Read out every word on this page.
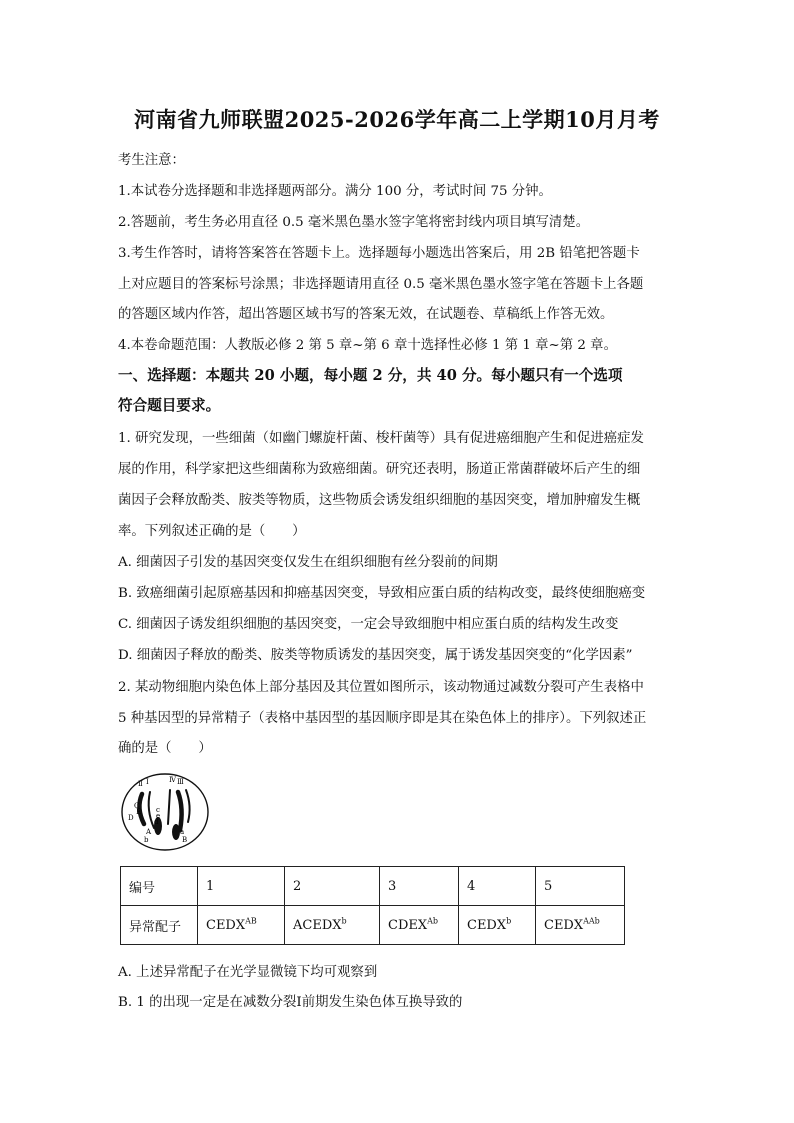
河南省九师联盟2025-2026学年高二上学期10月月考
考生注意：
1.本试卷分选择题和非选择题两部分。满分 100 分，考试时间 75 分钟。
2.答题前，考生务必用直径 0.5 毫米黑色墨水签字笔将密封线内项目填写清楚。
3.考生作答时，请将答案答在答题卡上。选择题每小题选出答案后，用 2B 铅笔把答题卡
上对应题目的答案标号涂黑；非选择题请用直径 0.5 毫米黑色墨水签字笔在答题卡上各题
的答题区域内作答，超出答题区域书写的答案无效，在试题卷、草稿纸上作答无效。
4.本卷命题范围：人教版必修 2 第 5 章~第 6 章十选择性必修 1 第 1 章~第 2 章。
一、选择题：本题共 20 小题，每小题 2 分，共 40 分。每小题只有一个选项
符合题目要求。
1. 研究发现，一些细菌（如幽门螺旋杆菌、梭杆菌等）具有促进癌细胞产生和促进癌症发
展的作用，科学家把这些细菌称为致癌细菌。研究还表明，肠道正常菌群破坏后产生的细
菌因子会释放酚类、胺类等物质，这些物质会诱发组织细胞的基因突变，增加肿瘤发生概
率。下列叙述正确的是（　　）
A. 细菌因子引发的基因突变仅发生在组织细胞有丝分裂前的间期
B. 致癌细菌引起原癌基因和抑癌基因突变，导致相应蛋白质的结构改变，最终使细胞癌变
C. 细菌因子诱发组织细胞的基因突变，一定会导致细胞中相应蛋白质的结构发生改变
D. 细菌因子释放的酚类、胺类等物质诱发的基因突变，属于诱发基因突变的“化学因素”
2. 某动物细胞内染色体上部分基因及其位置如图所示，该动物通过减数分裂可产生表格中
5 种基因型的异常精子（表格中基因型的基因顺序即是其在染色体上的排序）。下列叙述正
确的是（　　）
Ⅱ Ⅰ	Ⅳ Ⅲ
C
E
D
A
b
c
e
d
a
B
编号	1	2	3	4	5
异常配子	$CEDX^{AB}$	ACEDX$^b$	$CDEX^{Ab}$	CEDX$^b$	$CEDX^{AAb}$
A. 上述异常配子在光学显微镜下均可观察到
B. 1 的出现一定是在减数分裂Ⅰ前期发生染色体互换导致的
